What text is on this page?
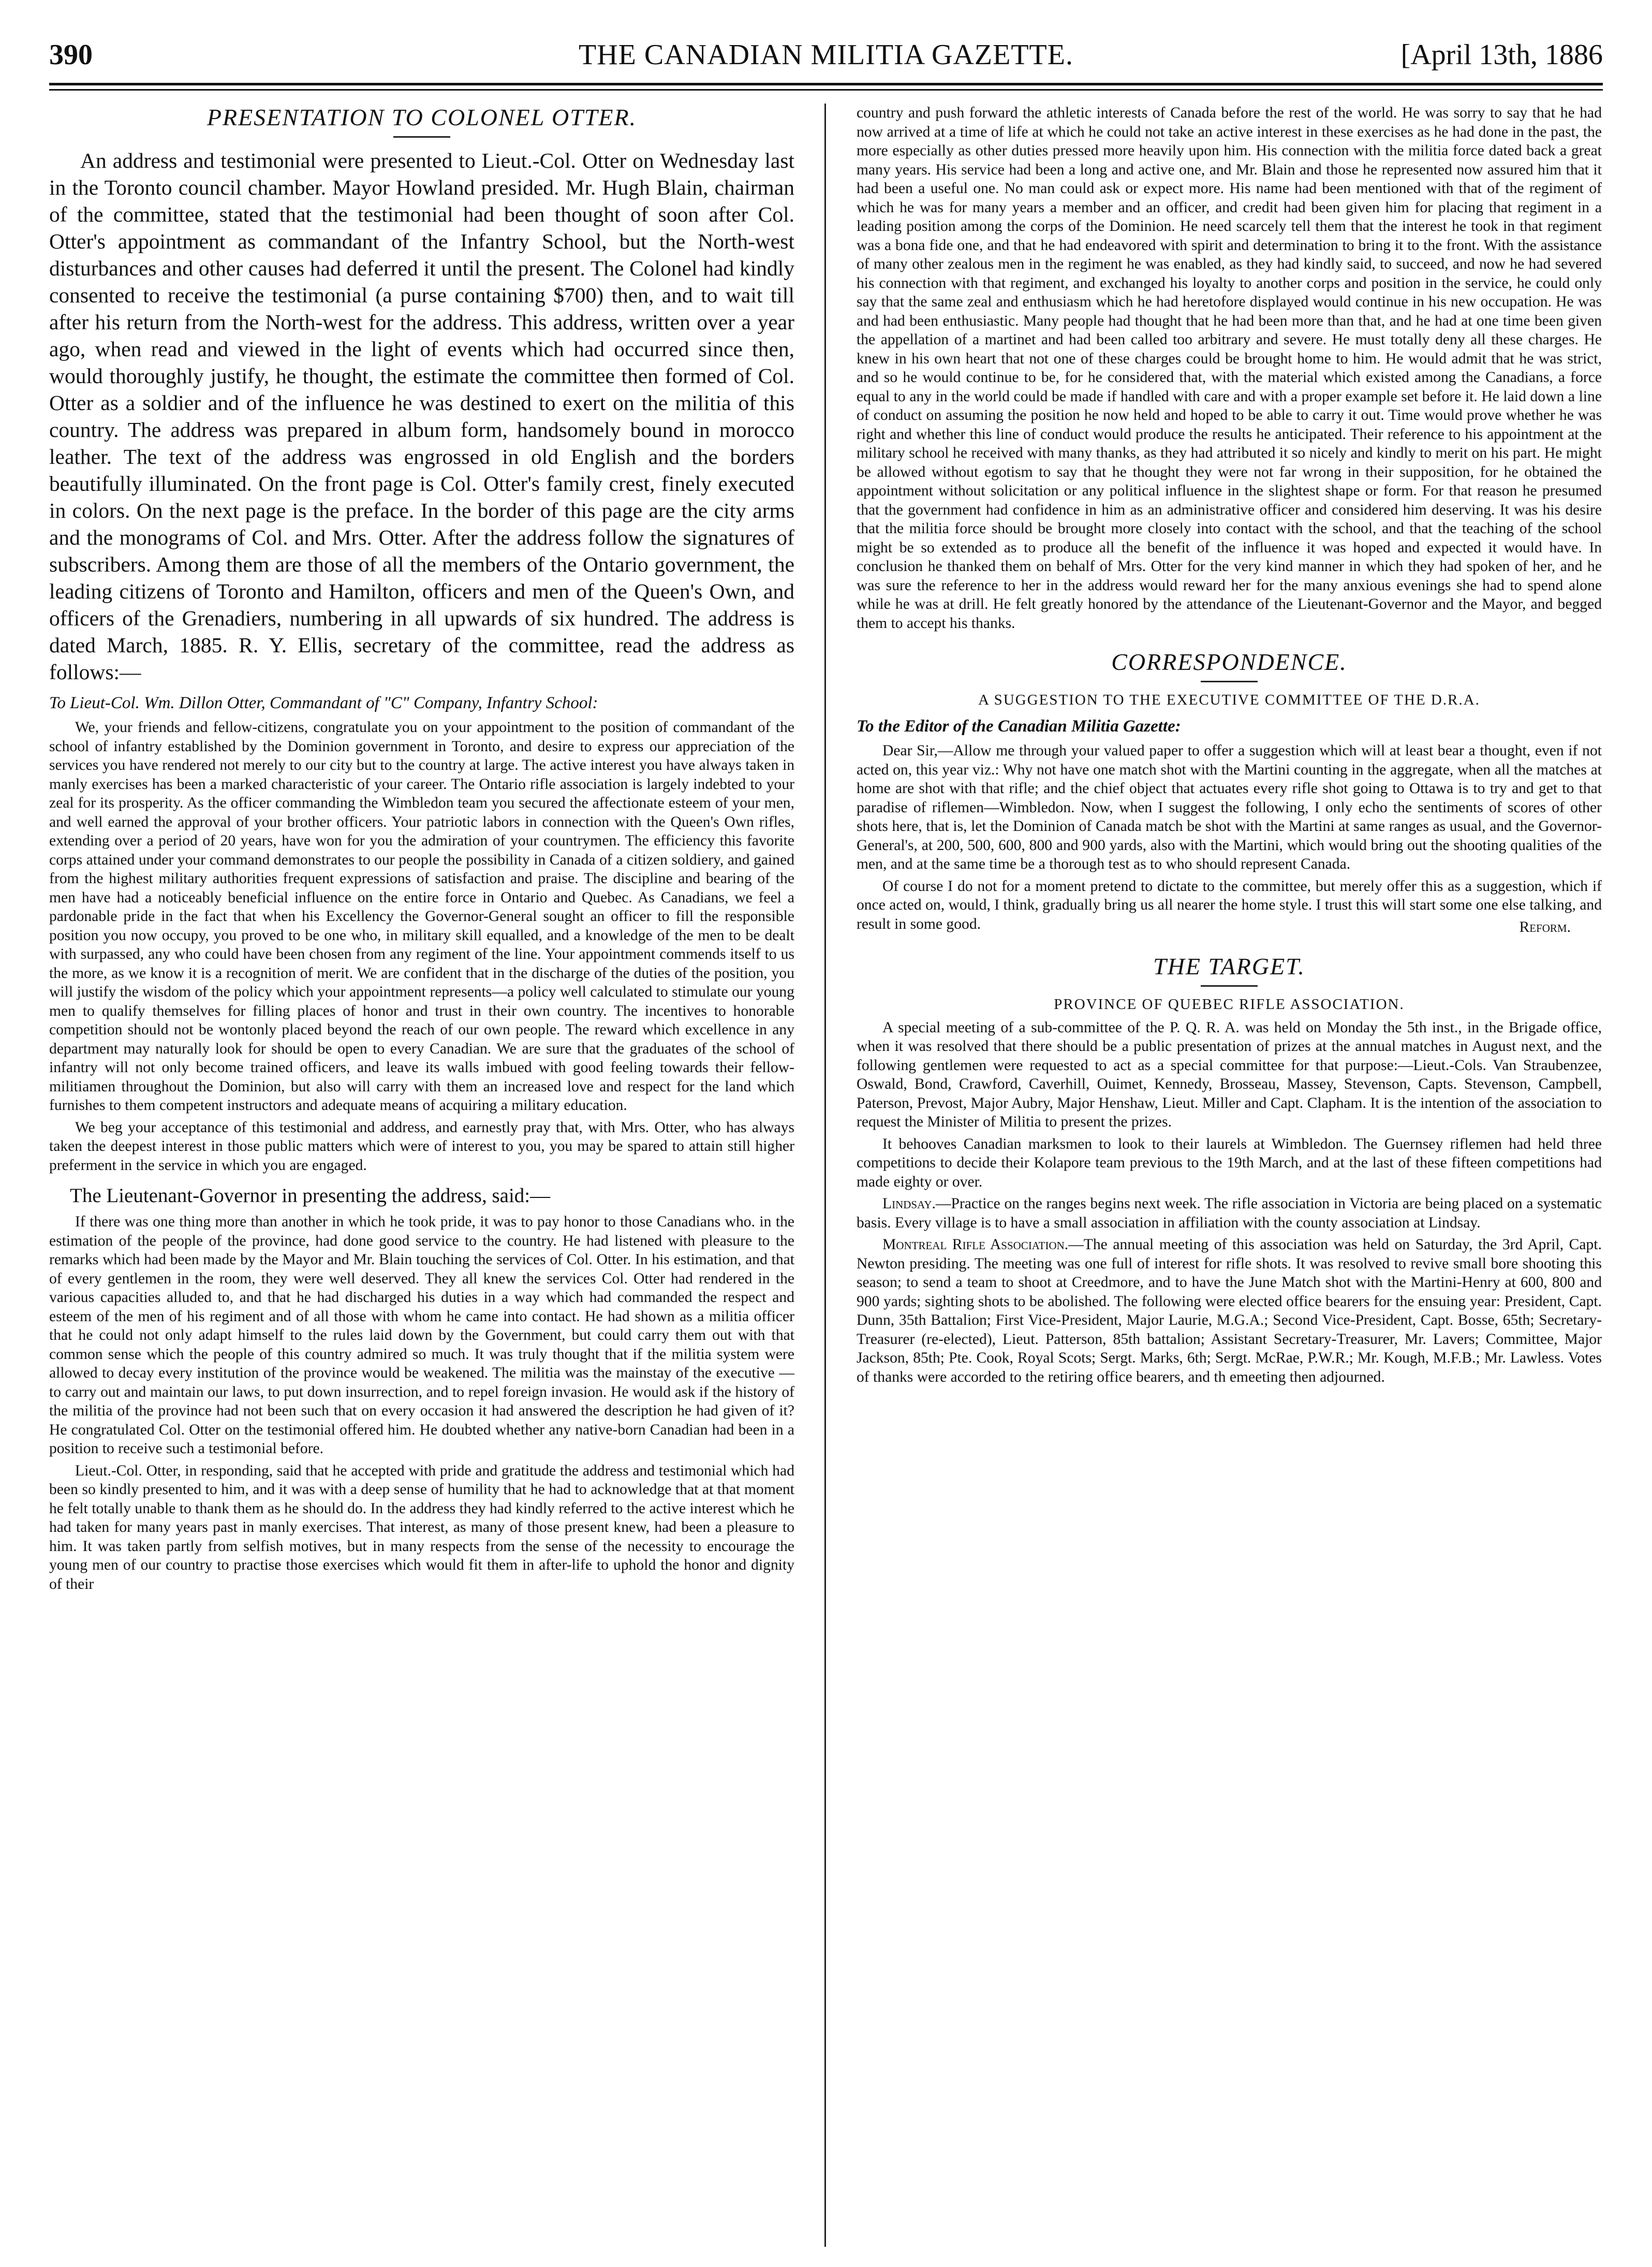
390	THE CANADIAN MILITIA GAZETTE.	[April 13th, 1886
PRESENTATION TO COLONEL OTTER.

An address and testimonial were presented to Lieut.-Col. Otter on Wednesday last in the Toronto council chamber. Mayor Howland presided. Mr. Hugh Blain, chairman of the committee, stated that the testimonial had been thought of soon after Col. Otter's appointment as commandant of the Infantry School, but the North-west disturbances and other causes had deferred it until the present. The Colonel had kindly consented to receive the testimonial (a purse containing $700) then, and to wait till after his return from the North-west for the address. This address, written over a year ago, when read and viewed in the light of events which had occurred since then, would thoroughly justify, he thought, the estimate the committee then formed of Col. Otter as a soldier and of the influence he was destined to exert on the militia of this country. The address was prepared in album form, handsomely bound in morocco leather. The text of the address was engrossed in old English and the borders beautifully illuminated. On the front page is Col. Otter's family crest, finely executed in colors. On the next page is the preface. In the border of this page are the city arms and the monograms of Col. and Mrs. Otter. After the address follow the signatures of subscribers. Among them are those of all the members of the Ontario government, the leading citizens of Toronto and Hamilton, officers and men of the Queen's Own, and officers of the Grenadiers, numbering in all upwards of six hundred. The address is dated March, 1885. R. Y. Ellis, secretary of the committee, read the address as follows:—

To Lieut-Col. Wm. Dillon Otter, Commandant of "C" Company, Infantry School:

We, your friends and fellow-citizens, congratulate you on your appointment to the position of commandant of the school of infantry established by the Dominion government in Toronto, and desire to express our appreciation of the services you have rendered not merely to our city but to the country at large. The active interest you have always taken in manly exercises has been a marked characteristic of your career. The Ontario rifle association is largely indebted to your zeal for its prosperity. As the officer commanding the Wimbledon team you secured the affectionate esteem of your men, and well earned the approval of your brother officers. Your patriotic labors in connection with the Queen's Own rifles, extending over a period of 20 years, have won for you the admiration of your countrymen. The efficiency this favorite corps attained under your command demonstrates to our people the possibility in Canada of a citizen soldiery, and gained from the highest military authorities frequent expressions of satisfaction and praise. The discipline and bearing of the men have had a noticeably beneficial influence on the entire force in Ontario and Quebec. As Canadians, we feel a pardonable pride in the fact that when his Excellency the Governor-General sought an officer to fill the responsible position you now occupy, you proved to be one who, in military skill equalled, and a knowledge of the men to be dealt with surpassed, any who could have been chosen from any regiment of the line. Your appointment commends itself to us the more, as we know it is a recognition of merit. We are confident that in the discharge of the duties of the position, you will justify the wisdom of the policy which your appointment represents—a policy well calculated to stimulate our young men to qualify themselves for filling places of honor and trust in their own country. The incentives to honorable competition should not be wontonly placed beyond the reach of our own people. The reward which excellence in any department may naturally look for should be open to every Canadian. We are sure that the graduates of the school of infantry will not only become trained officers, and leave its walls imbued with good feeling towards their fellow-militiamen throughout the Dominion, but also will carry with them an increased love and respect for the land which furnishes to them competent instructors and adequate means of acquiring a military education.

We beg your acceptance of this testimonial and address, and earnestly pray that, with Mrs. Otter, who has always taken the deepest interest in those public matters which were of interest to you, you may be spared to attain still higher preferment in the service in which you are engaged.

The Lieutenant-Governor in presenting the address, said:—

If there was one thing more than another in which he took pride, it was to pay honor to those Canadians who. in the estimation of the people of the province, had done good service to the country. He had listened with pleasure to the remarks which had been made by the Mayor and Mr. Blain touching the services of Col. Otter. In his estimation, and that of every gentlemen in the room, they were well deserved. They all knew the services Col. Otter had rendered in the various capacities alluded to, and that he had discharged his duties in a way which had commanded the respect and esteem of the men of his regiment and of all those with whom he came into contact. He had shown as a militia officer that he could not only adapt himself to the rules laid down by the Government, but could carry them out with that common sense which the people of this country admired so much. It was truly thought that if the militia system were allowed to decay every institution of the province would be weakened. The militia was the mainstay of the executive —to carry out and maintain our laws, to put down insurrection, and to repel foreign invasion. He would ask if the history of the militia of the province had not been such that on every occasion it had answered the description he had given of it? He congratulated Col. Otter on the testimonial offered him. He doubted whether any native-born Canadian had been in a position to receive such a testimonial before.

Lieut.-Col. Otter, in responding, said that he accepted with pride and gratitude the address and testimonial which had been so kindly presented to him, and it was with a deep sense of humility that he had to acknowledge that at that moment he felt totally unable to thank them as he should do. In the address they had kindly referred to the active interest which he had taken for many years past in manly exercises. That interest, as many of those present knew, had been a pleasure to him. It was taken partly from selfish motives, but in many respects from the sense of the necessity to encourage the young men of our country to practise those exercises which would fit them in after-life to uphold the honor and dignity of their

country and push forward the athletic interests of Canada before the rest of the world. He was sorry to say that he had now arrived at a time of life at which he could not take an active interest in these exercises as he had done in the past, the more especially as other duties pressed more heavily upon him. His connection with the militia force dated back a great many years. His service had been a long and active one, and Mr. Blain and those he represented now assured him that it had been a useful one. No man could ask or expect more. His name had been mentioned with that of the regiment of which he was for many years a member and an officer, and credit had been given him for placing that regiment in a leading position among the corps of the Dominion. He need scarcely tell them that the interest he took in that regiment was a bona fide one, and that he had endeavored with spirit and determination to bring it to the front. With the assistance of many other zealous men in the regiment he was enabled, as they had kindly said, to succeed, and now he had severed his connection with that regiment, and exchanged his loyalty to another corps and position in the service, he could only say that the same zeal and enthusiasm which he had heretofore displayed would continue in his new occupation. He was and had been enthusiastic. Many people had thought that he had been more than that, and he had at one time been given the appellation of a martinet and had been called too arbitrary and severe. He must totally deny all these charges. He knew in his own heart that not one of these charges could be brought home to him. He would admit that he was strict, and so he would continue to be, for he considered that, with the material which existed among the Canadians, a force equal to any in the world could be made if handled with care and with a proper example set before it. He laid down a line of conduct on assuming the position he now held and hoped to be able to carry it out. Time would prove whether he was right and whether this line of conduct would produce the results he anticipated. Their reference to his appointment at the military school he received with many thanks, as they had attributed it so nicely and kindly to merit on his part. He might be allowed without egotism to say that he thought they were not far wrong in their supposition, for he obtained the appointment without solicitation or any political influence in the slightest shape or form. For that reason he presumed that the government had confidence in him as an administrative officer and considered him deserving. It was his desire that the militia force should be brought more closely into contact with the school, and that the teaching of the school might be so extended as to produce all the benefit of the influence it was hoped and expected it would have. In conclusion he thanked them on behalf of Mrs. Otter for the very kind manner in which they had spoken of her, and he was sure the reference to her in the address would reward her for the many anxious evenings she had to spend alone while he was at drill. He felt greatly honored by the attendance of the Lieutenant-Governor and the Mayor, and begged them to accept his thanks.

CORRESPONDENCE.
A SUGGESTION TO THE EXECUTIVE COMMITTEE OF THE D.R.A.
To the Editor of the Canadian Militia Gazette:

Dear Sir,—Allow me through your valued paper to offer a suggestion which will at least bear a thought, even if not acted on, this year viz.: Why not have one match shot with the Martini counting in the aggregate, when all the matches at home are shot with that rifle; and the chief object that actuates every rifle shot going to Ottawa is to try and get to that paradise of riflemen—Wimbledon. Now, when I suggest the following, I only echo the sentiments of scores of other shots here, that is, let the Dominion of Canada match be shot with the Martini at same ranges as usual, and the Governor-General's, at 200, 500, 600, 800 and 900 yards, also with the Martini, which would bring out the shooting qualities of the men, and at the same time be a thorough test as to who should represent Canada.

Of course I do not for a moment pretend to dictate to the committee, but merely offer this as a suggestion, which if once acted on, would, I think, gradually bring us all nearer the home style. I trust this will start some one else talking, and result in some good.	Reform.
THE TARGET.
PROVINCE OF QUEBEC RIFLE ASSOCIATION.

A special meeting of a sub-committee of the P. Q. R. A. was held on Monday the 5th inst., in the Brigade office, when it was resolved that there should be a public presentation of prizes at the annual matches in August next, and the following gentlemen were requested to act as a special committee for that purpose:—Lieut.-Cols. Van Straubenzee, Oswald, Bond, Crawford, Caverhill, Ouimet, Kennedy, Brosseau, Massey, Stevenson, Capts. Stevenson, Campbell, Paterson, Prevost, Major Aubry, Major Henshaw, Lieut. Miller and Capt. Clapham. It is the intention of the association to request the Minister of Militia to present the prizes.

It behooves Canadian marksmen to look to their laurels at Wimbledon. The Guernsey riflemen had held three competitions to decide their Kolapore team previous to the 19th March, and at the last of these fifteen competitions had made eighty or over.

Lindsay.—Practice on the ranges begins next week. The rifle association in Victoria are being placed on a systematic basis. Every village is to have a small association in affiliation with the county association at Lindsay.

Montreal Rifle Association.—The annual meeting of this association was held on Saturday, the 3rd April, Capt. Newton presiding. The meeting was one full of interest for rifle shots. It was resolved to revive small bore shooting this season; to send a team to shoot at Creedmore, and to have the June Match shot with the Martini-Henry at 600, 800 and 900 yards; sighting shots to be abolished. The following were elected office bearers for the ensuing year: President, Capt. Dunn, 35th Battalion; First Vice-President, Major Laurie, M.G.A.; Second Vice-President, Capt. Bosse, 65th; Secretary-Treasurer (re-elected), Lieut. Patterson, 85th battalion; Assistant Secretary-Treasurer, Mr. Lavers; Committee, Major Jackson, 85th; Pte. Cook, Royal Scots; Sergt. Marks, 6th; Sergt. McRae, P.W.R.; Mr. Kough, M.F.B.; Mr. Lawless. Votes of thanks were accorded to the retiring office bearers, and th emeeting then adjourned.
